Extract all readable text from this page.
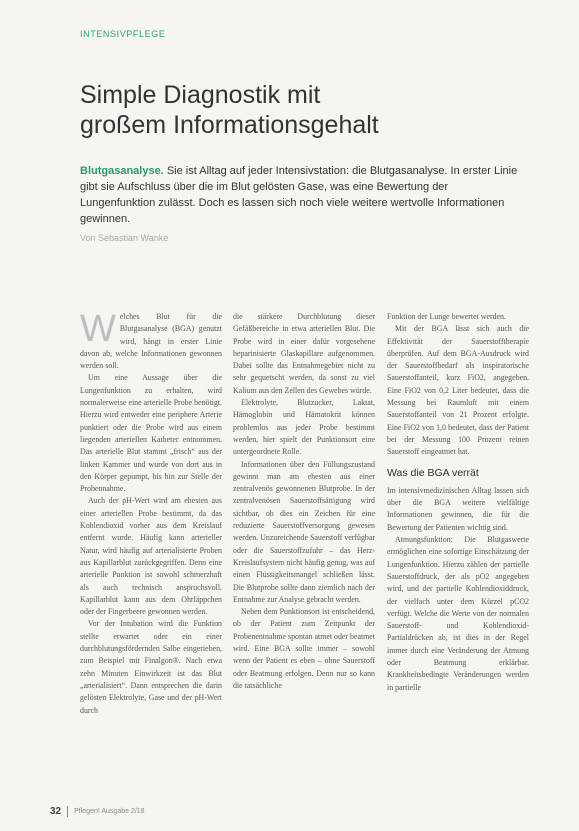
INTENSIVPFLEGE
Simple Diagnostik mit
großem Informationsgehalt

Blutgasanalyse. Sie ist Alltag auf jeder Intensivstation: die Blutgasanalyse. In erster Linie gibt sie Aufschluss über die im Blut gelösten Gase, was eine Bewertung der Lungenfunktion zulässt. Doch es lassen sich noch viele weitere wertvolle Informationen gewinnen.

Von Sebastian Wanke

Welches Blut für die Blutgasanalyse (BGA) genutzt wird, hängt in erster Linie davon ab, welche Informationen gewonnen werden soll.

Um eine Aussage über die Lungenfunktion zu erhalten, wird normalerweise eine arterielle Probe benötigt. Hierzu wird entweder eine periphere Arterie punktiert oder die Probe wird aus einem liegenden arteriellen Katheter entnommen. Das arterielle Blut stammt „frisch“ aus der linken Kammer und wurde von dort aus in den Körper gepumpt, bis hin zur Stelle der Probennahme.

Auch der pH-Wert wird am ehesten aus einer arteriellen Probe bestimmt, da das Kohlendioxid vorher aus dem Kreislauf entfernt wurde. Häufig kann arterieller Natur, wird häufig auf arterialisierte Proben aus Kapillarblut zurückgegriffen. Denn eine arterielle Punktion ist sowohl schmerzhaft als auch technisch anspruchsvoll. Kapillarblut kann aus dem Ohrläppchen oder der Fingerbeere gewonnen werden.

Vor der Intubation wird die Funktion stellte erwartet oder ein einer durchblutungsfördernden Salbe eingerieben, zum Beispiel mit Finalgon®. Nach etwa zehn Minuten Einwirkzeit ist das Blut „arterialisiert“. Dann entsprechen die darin gelösten Elektrolyte, Gase und der pH-Wert durch

die stärkere Durchblutung dieser Gefäßbereiche in etwa arteriellen Blut. Die Probe wird in einer dafür vorgesehene heparinisierte Glaskapillare aufgenommen. Dabei sollte das Entnahmegebiet nicht zu sehr gequetscht werden, da sonst zu viel Kalium aus den Zellen des Gewebes würde.

Elektrolyte, Blutzucker, Laktat, Hämoglobin und Hämatokrit können problemlos aus jeder Probe bestimmt werden, hier spielt der Punktionsort eine untergeordnete Rolle.

Informationen über den Füllungszustand gewinnt man am ehesten aus einer zentralvenös gewonnenen Blutprobe. In der zentralvenösen Sauerstoffsättigung wird sichtbar, ob dies ein Zeichen für eine reduzierte Sauerstoffversorgung gewesen werden. Unzureichende Sauerstoff verfügbar oder die Sauerstoffzufuhr – das Herz-Kreislaufsystem nicht häufig genug, was auf einen Flüssigkeitsmangel schließen lässt. Die Blutprobe sollte dann ziemlich nach der Entnahme zur Analyse gebracht werden.

Neben dem Punktionsort ist entscheidend, ob der Patient zum Zeitpunkt der Probenentnahme spontan atmet oder beatmet wird. Eine BGA sollte immer – sowohl wenn der Patient es eben – ohne Sauerstoff oder Beatmung erfolgen. Denn nur so kann die tatsächliche

Funktion der Lunge bewertet werden.

Mit der BGA lässt sich auch die Effektivität der Sauerstofftherapie überprüfen. Auf dem BGA-Ausdruck wird der Sauerstoffbedarf als inspiratorische Sauerstoffanteil, kurz FiO2, angegeben. Eine FiO2 von 0,2 Liter bedeutet, dass die Messung bei Raumluft mit einem Sauerstoffanteil von 21 Prozent erfolgte. Eine FiO2 von 1,0 bedeutet, dass der Patient bei der Messung 100 Prozent reinen Sauerstoff eingeatmet hat.

Was die BGA verrät

Im intensivmedizinischen Alltag lassen sich über die BGA weitere vielfältige Informationen gewinnen, die für die Bewertung der Patienten wichtig sind.

Atmungsfunktion: Die Blutgaswerte ermöglichen eine sofortige Einschätzung der Lungenfunktion. Hierzu zählen der partielle Sauerstoffdruck, der als pO2 angegeben wird, und der partielle Kohlendioxiddruck, der vielfach unter dem Kürzel pCO2 verfügt. Welche die Werte von der normalen Sauerstoff- und Kohlendioxid-Partialdrücken ab, ist dies in der Regel immer durch eine Veränderung der Atmung oder Beatmung erklärbar. Krankheitsbedingte Veränderungen werden in partielle

32 Pflegen! Ausgabe 2/18
